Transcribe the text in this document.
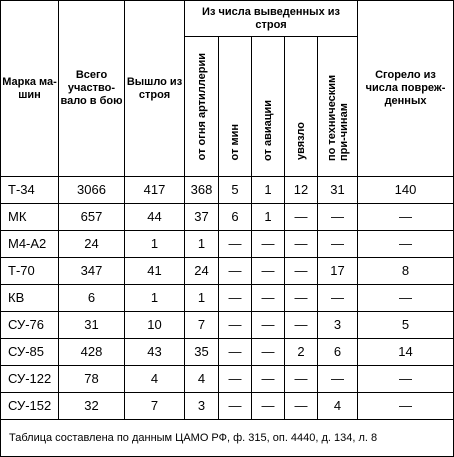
Марка ма-шин	Всего участво-вало в бою	Вышло из строя	Из числа выведенных из строя					Сгорело из числа повреж-денных

			от огня артиллерии	от мин	от авиации	увязло	по техническим при-чинам	

Т-34	3066	417	368	5	1	12	31	140
МК	657	44	37	6	1	—	—	—
М4-А2	24	1	1	—	—	—	—	—
Т-70	347	41	24	—	—	—	17	8
КВ	6	1	1	—	—	—	—	—
СУ-76	31	10	7	—	—	—	3	5
СУ-85	428	43	35	—	—	2	6	14
СУ-122	78	4	4	—	—	—	—	—
СУ-152	32	7	3	—	—	—	4	—
Таблица составлена по данным ЦАМО РФ, ф. 315, оп. 4440, д. 134, л. 8								
